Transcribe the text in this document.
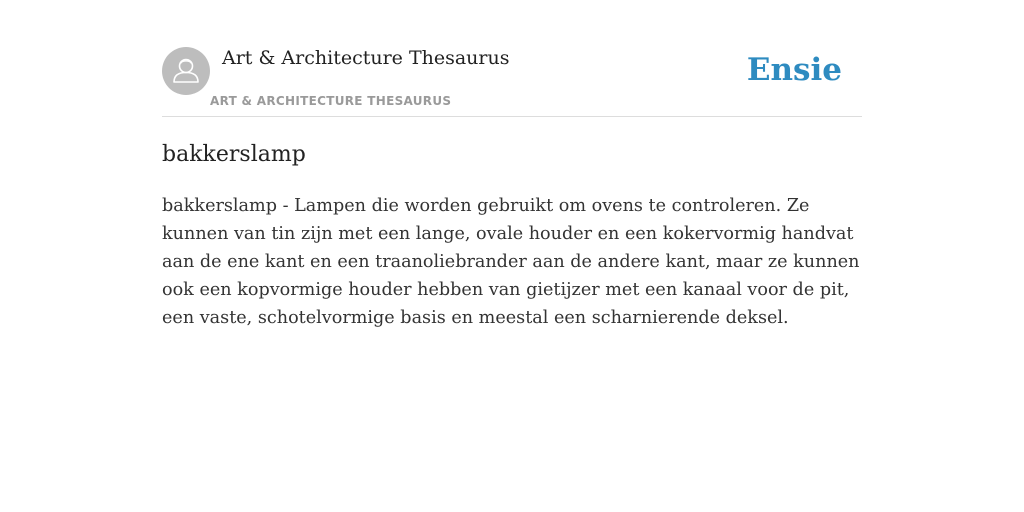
Art & Architecture Thesaurus
ART & ARCHITECTURE THESAURUS
Ensie
bakkerslamp

bakkerslamp - Lampen die worden gebruikt om ovens te controleren. Ze kunnen van tin zijn met een lange, ovale houder en een kokervormig handvat aan de ene kant en een traanoliebrander aan de andere kant, maar ze kunnen ook een kopvormige houder hebben van gietijzer met een kanaal voor de pit, een vaste, schotelvormige basis en meestal een scharnierende deksel.
